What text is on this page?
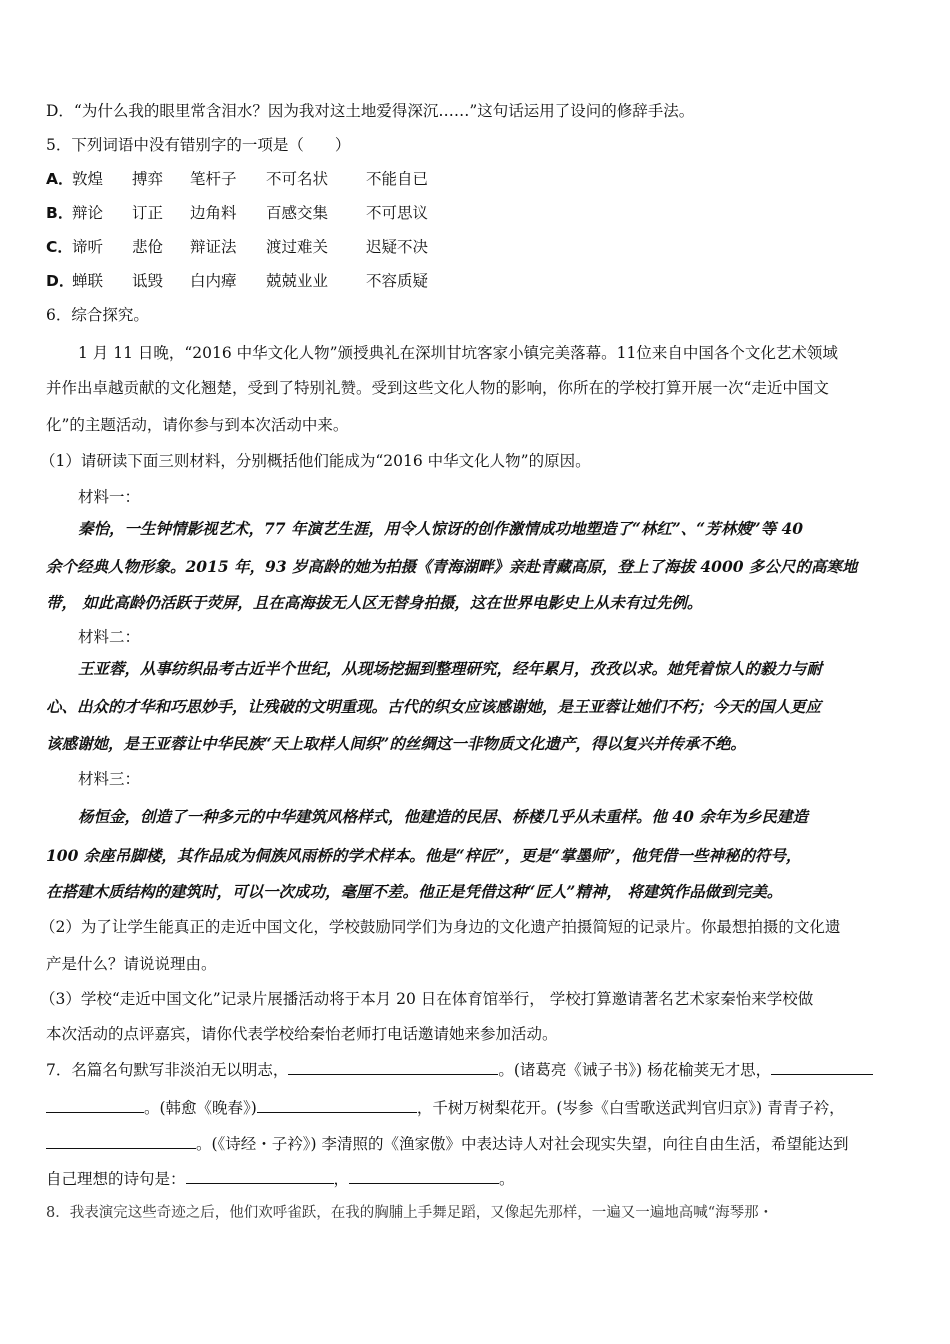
D．“为什么我的眼里常含泪水？因为我对这土地爱得深沉……”这句话运用了设问的修辞手法。
5．下列词语中没有错别字的一项是（　　）
A．
敦煌	搏弈	笔杆子	不可名状	不能自已
B．
辩论	订正	边角料	百感交集	不可思议
C． 谛听	悲伧	辩证法	渡过难关	迟疑不决
D．
蝉联	诋毁	白内瘴	兢兢业业	不容质疑
6．综合探究。
1 月 11 日晚，“2016 中华文化人物”颁授典礼在深圳甘坑客家小镇完美落幕。11位来自中国各个文化艺术领域
并作出卓越贡献的文化翘楚，受到了特别礼赞。受到这些文化人物的影响，你所在的学校打算开展一次“走近中国文
化”的主题活动，请你参与到本次活动中来。
（1）请研读下面三则材料，分别概括他们能成为“2016 中华文化人物”的原因。
材料一：
秦怡，一生钟情影视艺术，77 年演艺生涯，用令人惊讶的创作激情成功地塑造了“林红”、“芳林嫂”等 40
余个经典人物形象。2015 年，93 岁高龄的她为拍摄《青海湖畔》亲赴青藏高原，登上了海拔 4000 多公尺的高寒地
带， 如此高龄仍活跃于荧屏，且在高海拔无人区无替身拍摄，这在世界电影史上从未有过先例。
材料二：
王亚蓉，从事纺织品考古近半个世纪，从现场挖掘到整理研究，经年累月，孜孜以求。她凭着惊人的毅力与耐
心、出众的才华和巧思妙手，让残破的文明重现。古代的织女应该感谢她，是王亚蓉让她们不朽；今天的国人更应
该感谢她，是王亚蓉让中华民族“天上取样人间织”的丝绸这一非物质文化遗产，得以复兴并传承不绝。
材料三：
杨恒金，创造了一种多元的中华建筑风格样式，他建造的民居、桥楼几乎从未重样。他 40 余年为乡民建造
100 余座吊脚楼，其作品成为侗族风雨桥的学术样本。他是“梓匠”，更是“掌墨师”，他凭借一些神秘的符号，
在搭建木质结构的建筑时，可以一次成功，毫厘不差。他正是凭借这种“匠人”精神， 将建筑作品做到完美。
（2）为了让学生能真正的走近中国文化，学校鼓励同学们为身边的文化遗产拍摄简短的记录片。你最想拍摄的文化遗
产是什么？请说说理由。
（3）学校“走近中国文化”记录片展播活动将于本月 20 日在体育馆举行， 学校打算邀请著名艺术家秦怡来学校做
本次活动的点评嘉宾，请你代表学校给秦怡老师打电话邀请她来参加活动。
7．名篇名句默写非淡泊无以明志，	。(诸葛亮《诫子书》) 杨花榆荚无才思，
。(韩愈《晚春》)	，千树万树梨花开。(岑参《白雪歌送武判官归京》) 青青子衿，
。(《诗经・子衿》) 李清照的《渔家傲》中表达诗人对社会现实失望，向往自由生活，希望能达到
自己理想的诗句是：	，	。
8．我表演完这些奇迹之后，他们欢呼雀跃，在我的胸脯上手舞足蹈，又像起先那样，一遍又一遍地高喊“海琴那・
